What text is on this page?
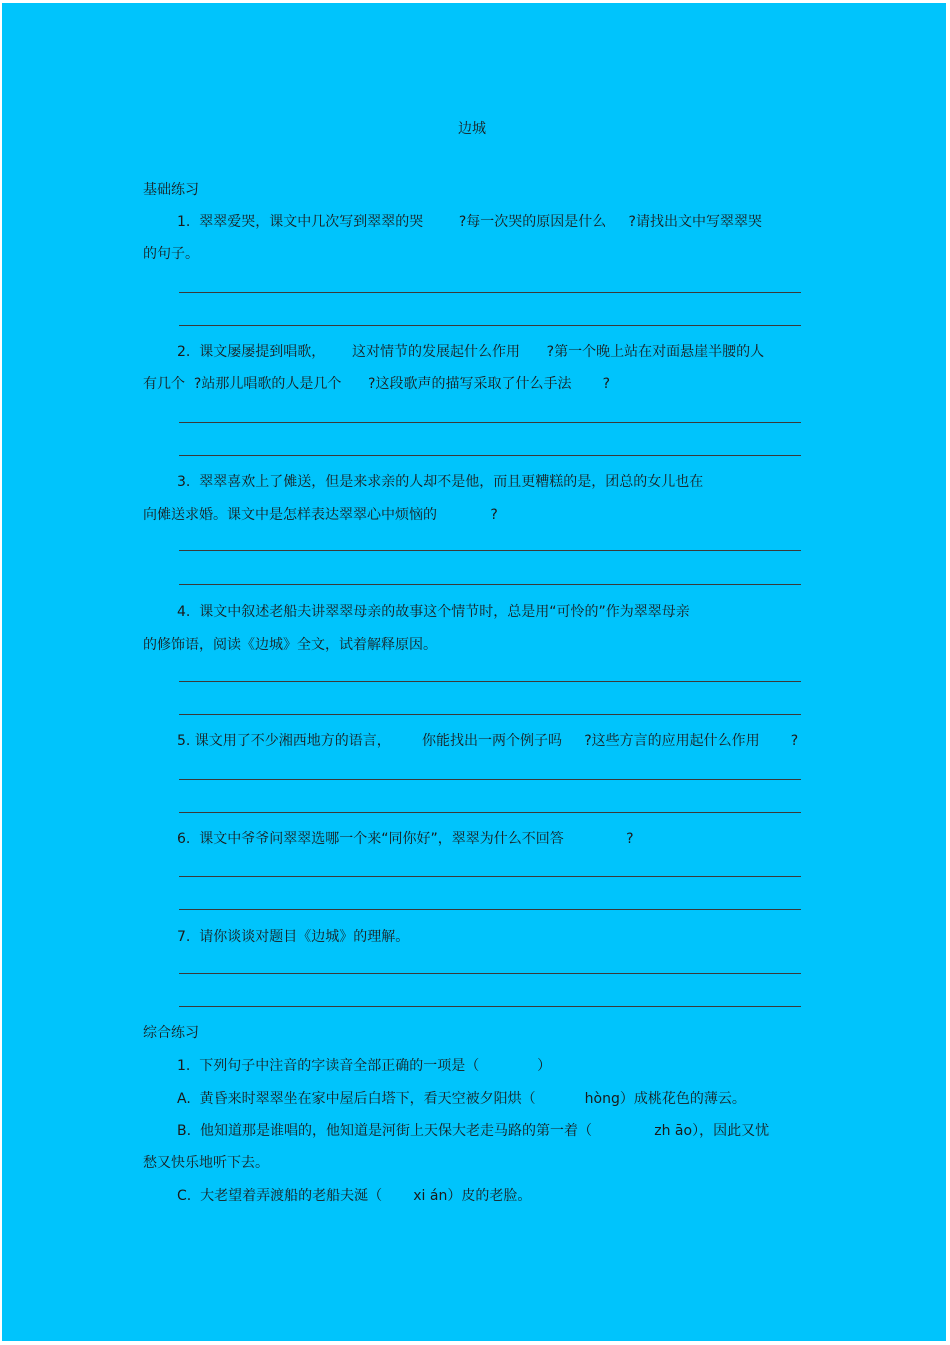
边城
基础练习
1.  翠翠爱哭，课文中几次写到翠翠的哭        ?每一次哭的原因是什么     ?请找出文中写翠翠哭
的句子。
2.  课文屡屡提到唱歌，      这对情节的发展起什么作用      ?第一个晚上站在对面悬崖半腰的人
有几个  ?站那儿唱歌的人是几个      ?这段歌声的描写采取了什么手法       ?
3.  翠翠喜欢上了傩送，但是来求亲的人却不是他，而且更糟糕的是，团总的女儿也在
向傩送求婚。课文中是怎样表达翠翠心中烦恼的            ?
4.  课文中叙述老船夫讲翠翠母亲的故事这个情节时，总是用“可怜的”作为翠翠母亲
的修饰语，阅读《边城》全文，试着解释原因。
5. 课文用了不少湘西地方的语言，       你能找出一两个例子吗     ?这些方言的应用起什么作用       ?
6.  课文中爷爷问翠翠选哪一个来“同你好”，翠翠为什么不回答              ?
7.  请你谈谈对题目《边城》的理解。
综合练习
1.  下列句子中注音的字读音全部正确的一项是（             ）
A.  黄昏来时翠翠坐在家中屋后白塔下，看天空被夕阳烘（           hòng）成桃花色的薄云。
B.  他知道那是谁唱的，他知道是河街上天保大老走马路的第一着（              zh āo），因此又忧
愁又快乐地听下去。
C.  大老望着弄渡船的老船夫涎（       xi án）皮的老脸。
